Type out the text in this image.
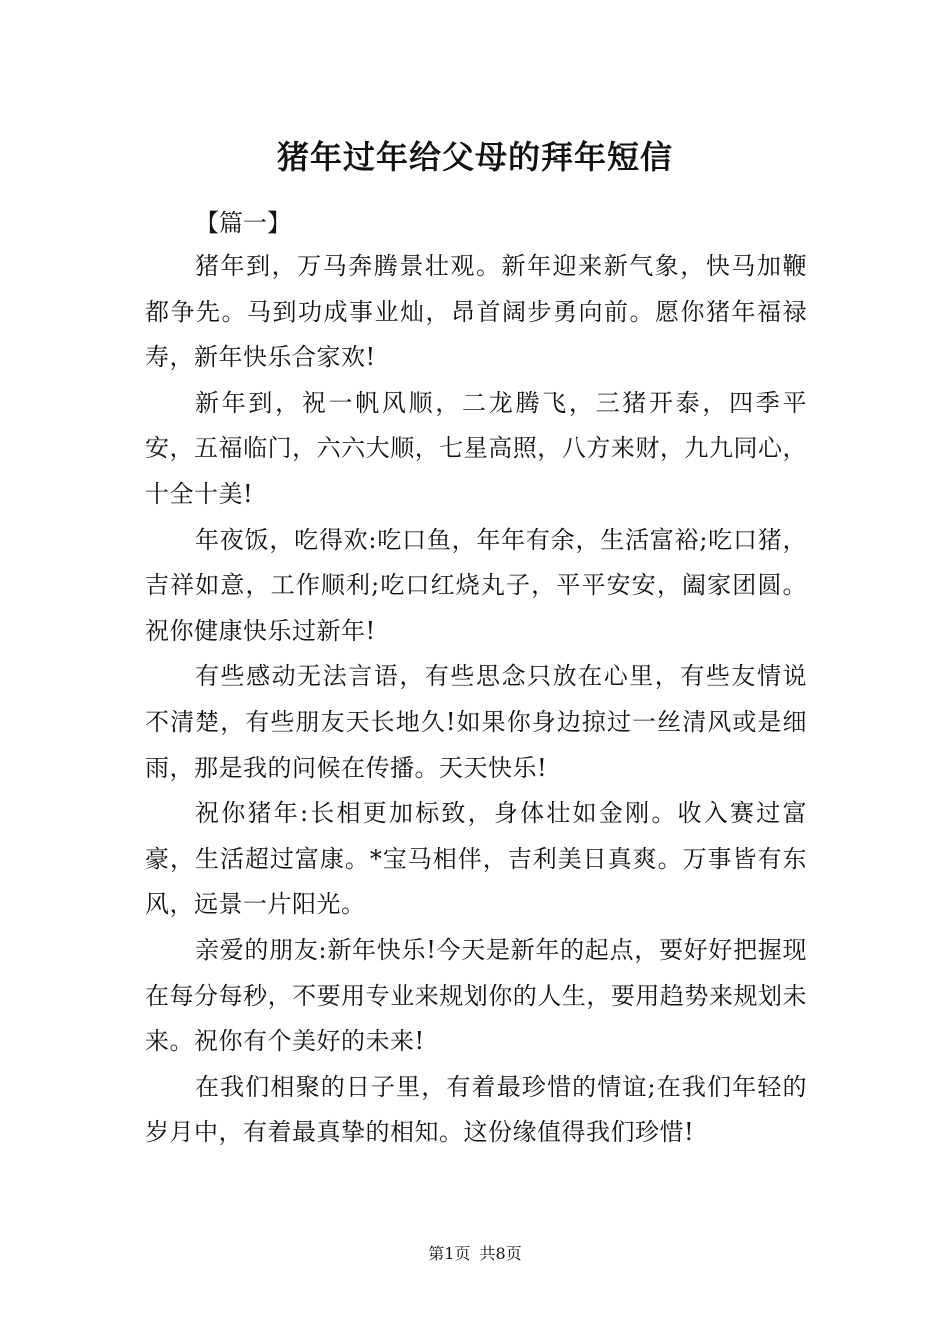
猪年过年给父母的拜年短信
【篇一】

猪年到，万马奔腾景壮观。新年迎来新气象，快马加鞭都争先。马到功成事业灿，昂首阔步勇向前。愿你猪年福禄寿，新年快乐合家欢!

新年到，祝一帆风顺，二龙腾飞，三猪开泰，四季平安，五福临门，六六大顺，七星高照，八方来财，九九同心，十全十美!

年夜饭，吃得欢:吃口鱼，年年有余，生活富裕;吃口猪，吉祥如意，工作顺利;吃口红烧丸子，平平安安，阖家团圆。祝你健康快乐过新年!

有些感动无法言语，有些思念只放在心里，有些友情说不清楚，有些朋友天长地久!如果你身边掠过一丝清风或是细雨，那是我的问候在传播。天天快乐!

祝你猪年:长相更加标致，身体壮如金刚。收入赛过富豪，生活超过富康。*宝马相伴，吉利美日真爽。万事皆有东风，远景一片阳光。

亲爱的朋友:新年快乐!今天是新年的起点，要好好把握现在每分每秒，不要用专业来规划你的人生，要用趋势来规划未来。祝你有个美好的未来!

在我们相聚的日子里，有着最珍惜的情谊;在我们年轻的岁月中，有着最真挚的相知。这份缘值得我们珍惜!

第1页 共8页
